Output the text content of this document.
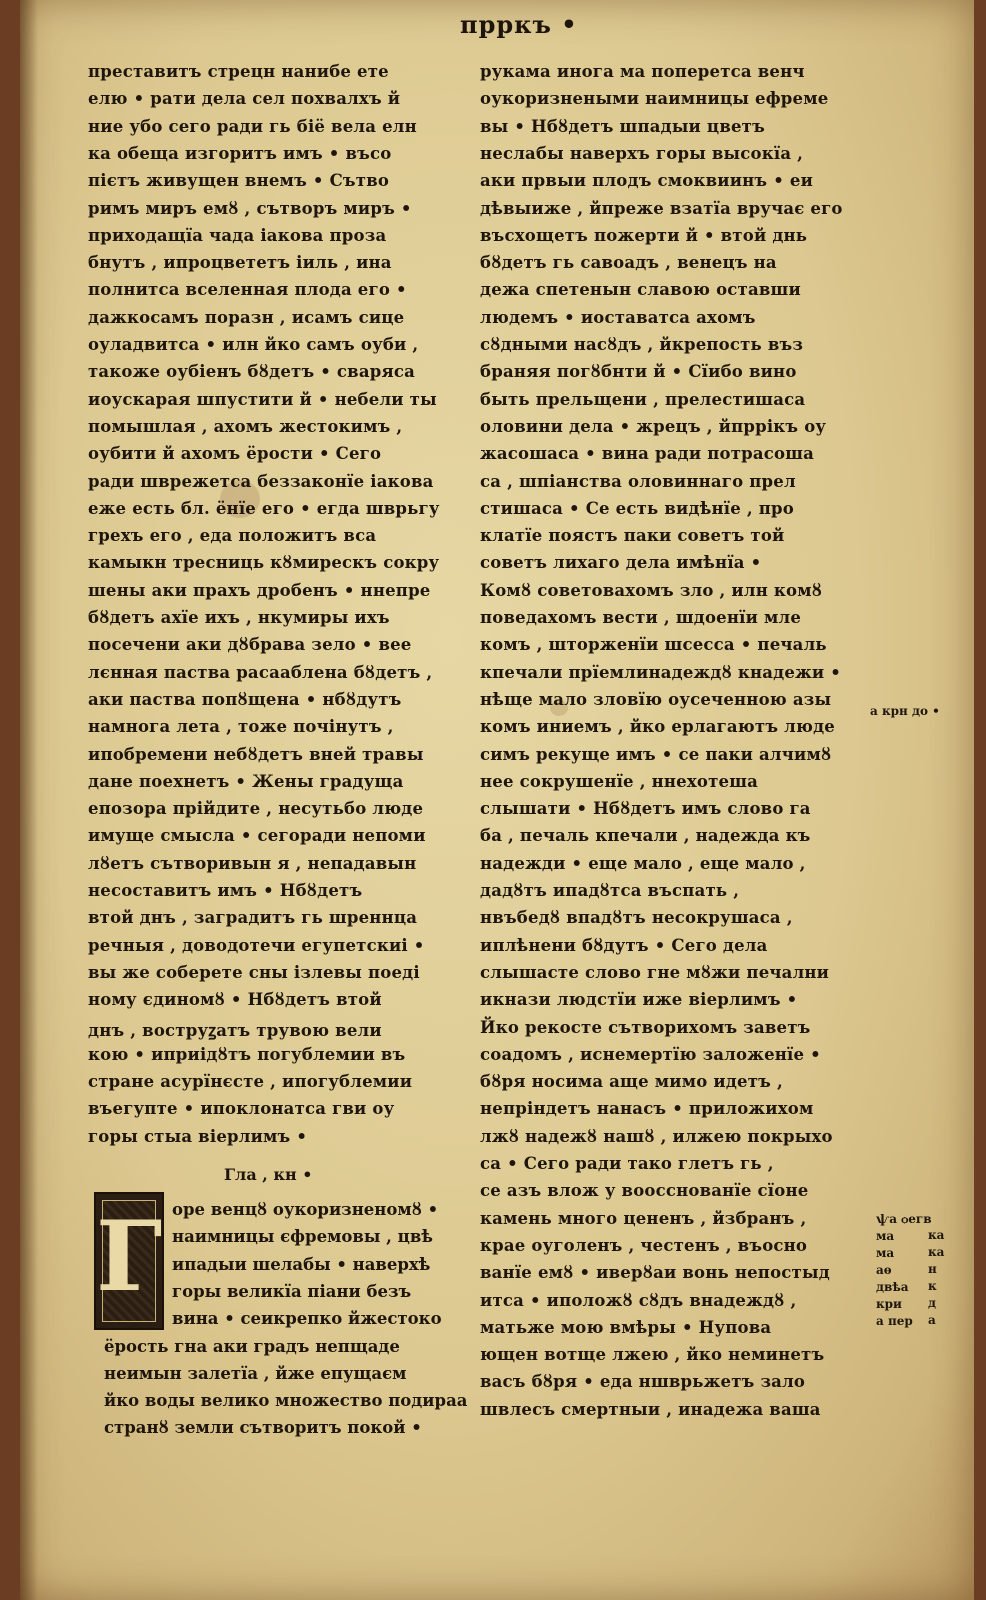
прркъ •
преставитъ стрецн нанибе ете
елю • рати дела сел похвалхъ й
ние убо сего ради гь біё вела елн
ка обеща изгоритъ имъ • въсо
пієтъ живущен внемъ • Сътво
римъ миръ емȣ , сътворъ миръ •
приходащїа чада іакова проза
бнутъ , ипроцвететъ іиль , ина
полнитса вселенная плода его •
дажкосамъ поразн , исамъ сице
оуладвитса • илн йко самъ оуби ,
такоже оубіенъ бȣдетъ • сваряса
иоускарая шпустити й • небели ты
помышлая , ахомъ жестокимъ ,
оубити й ахомъ ёрости • Сего
ради шврежетса беззаконїе іакова
еже есть бл. ёнїе его • егда шврьгу
грехъ его , еда положитъ вса
камыкн тресниць кȣмирескъ сокру
шены аки прахъ дробенъ • ннепре
бȣдетъ ахїе ихъ , нкумиры ихъ
посечени аки дȣбрава зело • вее
лєнная паства расааблена бȣдетъ ,
аки паства попȣщена • нбȣдутъ
намнога лета , тоже почінутъ ,
ипобремени небȣдетъ вней травы
дане поехнетъ • Жены градуща
епозора прійдите , несутьбо люде
имущe смысла • сегоради непоми
лȣетъ сътворивын я , непадавын
несоставитъ имъ • Нбȣдетъ
втой днъ , заградитъ гь шреннца
речныя , доводотечи егупетскиі •
вы же соберете сны ізлевы поеді
ному єдиномȣ • Нбȣдетъ втой
днъ , воструꙁатъ трувою вели
кою • иприідȣтъ погублемии въ
стране асурїнєсте , ипогублемии
въегупте • ипоклонатса гви оу
горы стыа віерлимъ •
рукама инога ма поперетса венч
оукоризнеными наимницы ефреме
вы • Нбȣдетъ шпадыи цветъ
неслабы наверхъ горы высокїа ,
аки првыи плодъ смоквиинъ • еи
дѣвыиже , йпреже взатїа вручає его
въсхощетъ пожерти й • втой днь
бȣдетъ гь савоадъ , венецъ на
дежа спетенын славою оставши
людемъ • иоставатса ахомъ
сȣдными насȣдъ , йкрепость въз
браняя погȣбнти й • Сїибо вино
быть прельщени , прелестишаса
оловини дела • жрецъ , йпррікъ оу
жасошаса • вина ради потрасоша
са , шпіанства оловиннаго прел
стишаса • Се есть видѣнїе , про
клатїе поястъ паки советъ той
советъ лихаго дела имѣнїа •
Комȣ советовахомъ зло , илн комȣ
поведахомъ вести , шдоенїи мле
комъ , шторженїи шсесса • печаль
кпечали прїемлинадеждȣ кнадежи •
нѣще мало зловїю оусеченною азы
комъ иниемъ , йко ерлагаютъ люде
симъ рекуще имъ • се паки алчимȣ
нее сокрушенїе , ннеxoтеша
слышати • Нбȣдетъ имъ слово га
ба , печаль кпечали , надежда къ
надежди • еще мало , еще мало ,
дадȣтъ ипадȣтса въспать ,
нвъбедȣ впадȣтъ несокрушаса ,
иплѣнени бȣдутъ • Сего дела
слышасте слово гне мȣжи печални
икнази людстїи иже віерлимъ •
Йко рекосте сътворихомъ заветъ
соадомъ , иснемертїю заложенїе •
бȣря носима аще мимо идетъ ,
непріндетъ нанасъ • приложихом
лжȣ надежȣ нашȣ , илжею покрыхо
са • Сего ради тако глетъ гь ,
се азъ влож у воосснованїе сїоне
камень много цененъ , йзбранъ ,
крае оуголенъ , честенъ , въосно
ванїе емȣ • иверȣаи вонь непостыд
итса • иположȣ сȣдъ внадеждȣ ,
матьже мою вмѣры • Нупова
ющен вотще лжею , йко неминетъ
васъ бȣря • еда ншврьжетъ зало
швлесъ смертныи , инадежа ваша
Гла , кн •
Г оре венцȣ оукоризненомȣ •
наимницы єфремовы , цвѣ
ипадыи шелабы • наверхѣ
горы великїа піани безъ
вина • сеикрепко йжестоко
ёрость гна аки градъ непщaдe
неимын залетїа , йже епущaєм
йко воды велико множество подираa
странȣ земли сътворитъ покой •
а крн до •
ѱа ѻегв
ма
ма
аѳ
двѣа
кри
а пер
ка
ка
н
к
д
а
